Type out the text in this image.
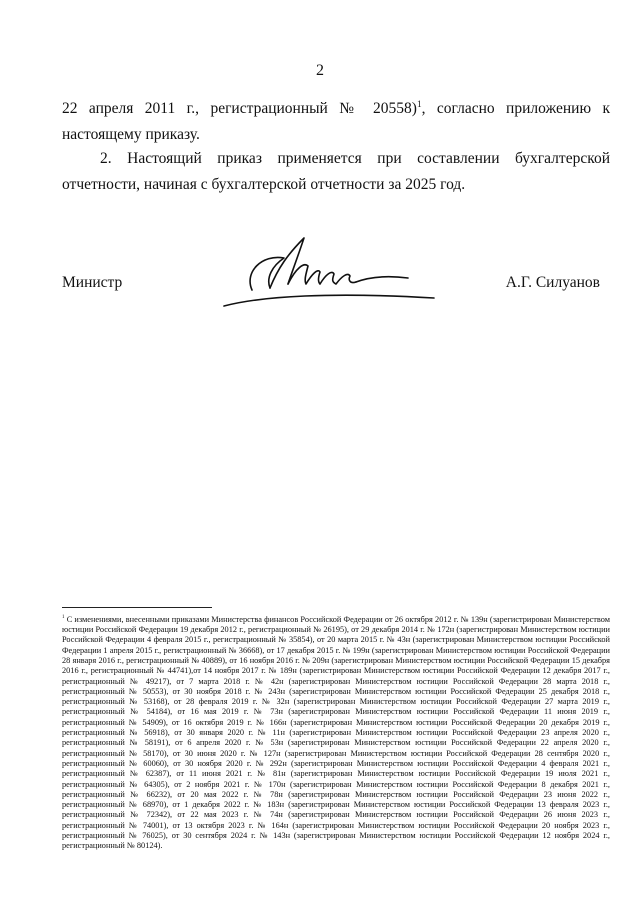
2

22 апреля 2011 г., регистрационный № 20558)$^1$, согласно приложению к настоящему приказу.

2. Настоящий приказ применяется при составлении бухгалтерской отчетности, начиная с бухгалтерской отчетности за 2025 год.

Министр	А.Г. Силуанов

$^1$ С изменениями, внесенными приказами Министерства финансов Российской Федерации от 26 октября 2012 г. № 139н (зарегистрирован Министерством юстиции Российской Федерации 19 декабря 2012 г., регистрационный № 26195), от 29 декабря 2014 г. № 172н (зарегистрирован Министерством юстиции Российской Федерации 4 февраля 2015 г., регистрационный № 35854), от 20 марта 2015 г. № 43н (зарегистрирован Министерством юстиции Российской Федерации 1 апреля 2015 г., регистрационный № 36668), от 17 декабря 2015 г. № 199н (зарегистрирован Министерством юстиции Российской Федерации 28 января 2016 г., регистрационный № 40889), от 16 ноября 2016 г. № 209н (зарегистрирован Министерством юстиции Российской Федерации 15 декабря 2016 г., регистрационный № 44741),от 14 ноября 2017 г. № 189н (зарегистрирован Министерством юстиции Российской Федерации 12 декабря 2017 г., регистрационный № 49217), от 7 марта 2018 г. № 42н (зарегистрирован Министерством юстиции Российской Федерации 28 марта 2018 г., регистрационный № 50553), от 30 ноября 2018 г. № 243н (зарегистрирован Министерством юстиции Российской Федерации 25 декабря 2018 г., регистрационный № 53168), от 28 февраля 2019 г. № 32н (зарегистрирован Министерством юстиции Российской Федерации 27 марта 2019 г., регистрационный № 54184), от 16 мая 2019 г. № 73н (зарегистрирован Министерством юстиции Российской Федерации 11 июня 2019 г., регистрационный № 54909), от 16 октября 2019 г. № 166н (зарегистрирован Министерством юстиции Российской Федерации 20 декабря 2019 г., регистрационный № 56918), от 30 января 2020 г. № 11н (зарегистрирован Министерством юстиции Российской Федерации 23 апреля 2020 г., регистрационный № 58191), от 6 апреля 2020 г. № 53н (зарегистрирован Министерством юстиции Российской Федерации 22 апреля 2020 г., регистрационный № 58170), от 30 июня 2020 г. № 127н (зарегистрирован Министерством юстиции Российской Федерации 28 сентября 2020 г., регистрационный № 60060), от 30 ноября 2020 г. № 292н (зарегистрирован Министерством юстиции Российской Федерации 4 февраля 2021 г., регистрационный № 62387), от 11 июня 2021 г. № 81н (зарегистрирован Министерством юстиции Российской Федерации 19 июля 2021 г., регистрационный № 64305), от 2 ноября 2021 г. № 170н (зарегистрирован Министерством юстиции Российской Федерации 8 декабря 2021 г., регистрационный № 66232), от 20 мая 2022 г. № 78н (зарегистрирован Министерством юстиции Российской Федерации 23 июня 2022 г., регистрационный № 68970), от 1 декабря 2022 г. № 183н (зарегистрирован Министерством юстиции Российской Федерации 13 февраля 2023 г., регистрационный № 72342), от 22 мая 2023 г. № 74н (зарегистрирован Министерством юстиции Российской Федерации 26 июня 2023 г., регистрационный № 74001), от 13 октября 2023 г. № 164н (зарегистрирован Министерством юстиции Российской Федерации 20 ноября 2023 г., регистрационный № 76025), от 30 сентября 2024 г. № 143н (зарегистрирован Министерством юстиции Российской Федерации 12 ноября 2024 г., регистрационный № 80124).
